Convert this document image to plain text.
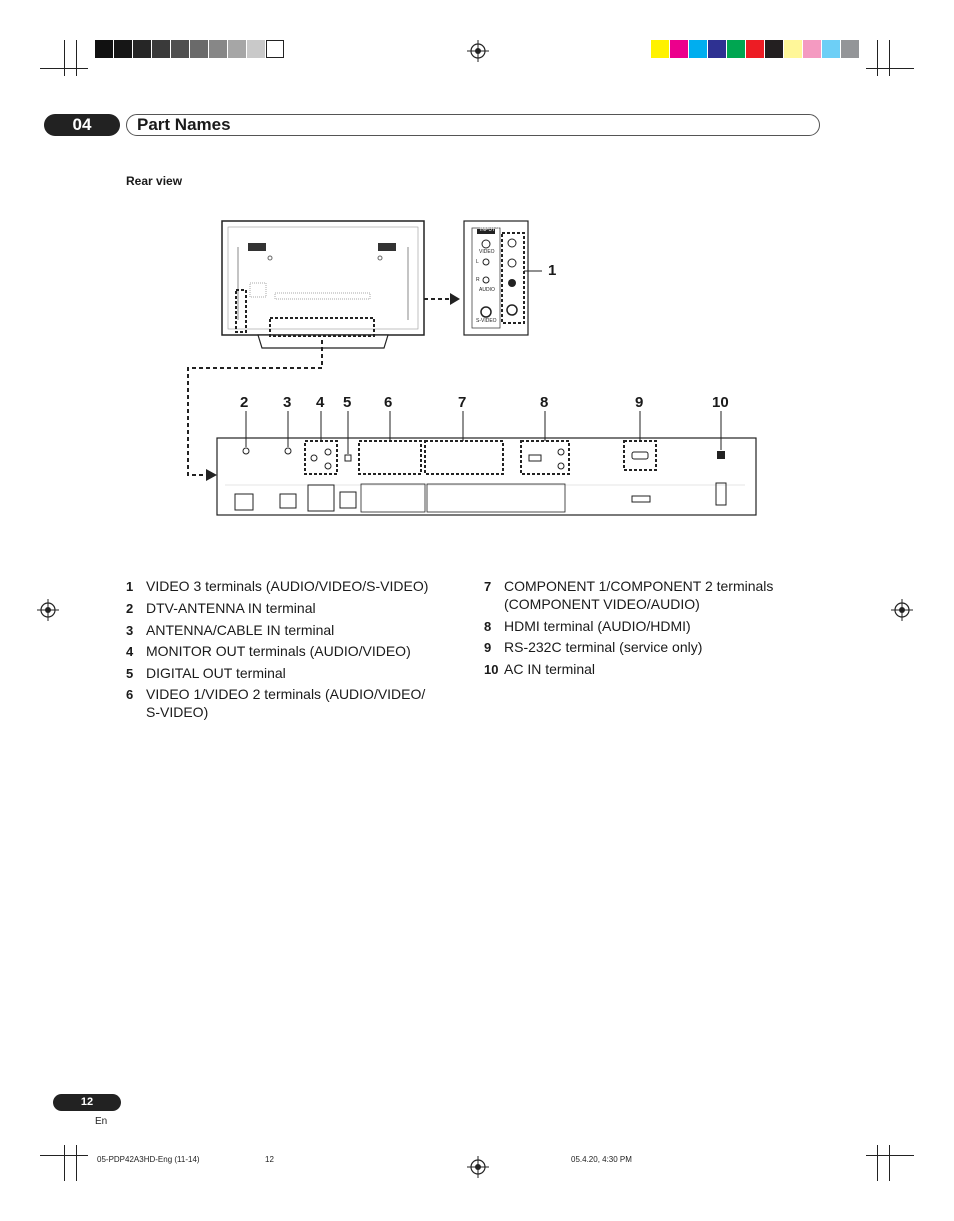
04	Part Names
Rear view
INPUT 3
VIDEO
L
R
AUDIO
S-VIDEO
1
2 3 4 5 6	7	8	9	10
1 VIDEO 3 terminals (AUDIO/VIDEO/S-VIDEO)
2 DTV-ANTENNA IN terminal
3 ANTENNA/CABLE IN terminal
4 MONITOR OUT terminals (AUDIO/VIDEO)
5 DIGITAL OUT terminal
6 VIDEO 1/VIDEO 2 terminals (AUDIO/VIDEO/
S-VIDEO)
7 COMPONENT 1/COMPONENT 2 terminals
(COMPONENT VIDEO/AUDIO)
8 HDMI terminal (AUDIO/HDMI)
9 RS-232C terminal (service only)
10 AC IN terminal
12
En
05-PDP42A3HD-Eng (11-14)	12	05.4.20, 4:30 PM
